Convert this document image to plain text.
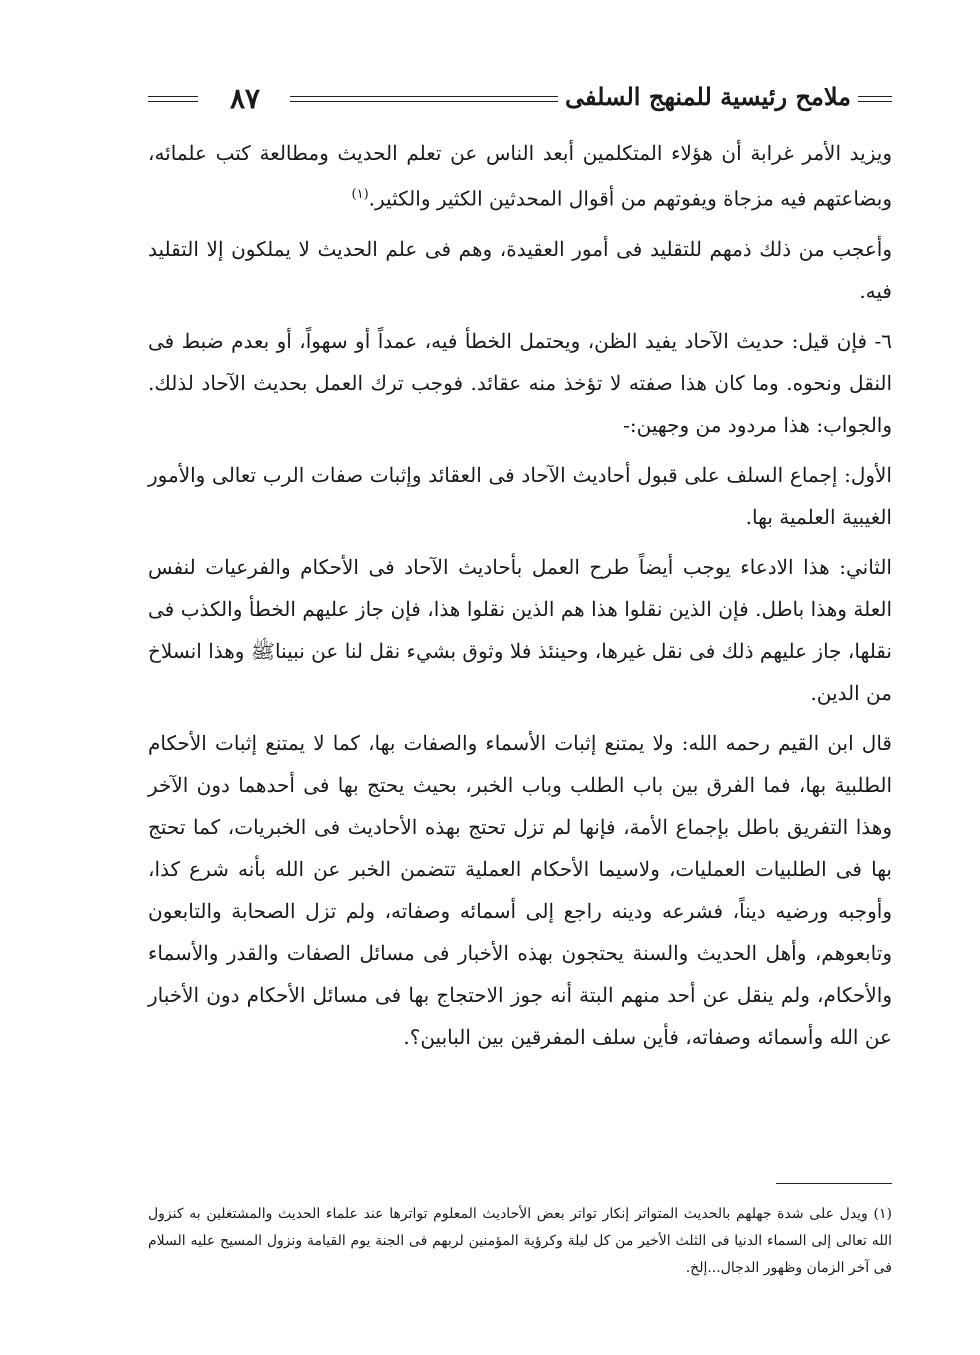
٨٧	ملامح رئيسية للمنهج السلفى

ويزيد الأمر غرابة أن هؤلاء المتكلمين أبعد الناس عن تعلم الحديث ومطالعة كتب علمائه، وبضاعتهم فيه مزجاة ويفوتهم من أقوال المحدثين الكثير والكثير.$^{(١)}$

وأعجب من ذلك ذمهم للتقليد فى أمور العقيدة، وهم فى علم الحديث لا يملكون إلا التقليد فيه.

٦- فإن قيل: حديث الآحاد يفيد الظن، ويحتمل الخطأ فيه، عمداً أو سهواً، أو بعدم ضبط فى النقل ونحوه. وما كان هذا صفته لا تؤخذ منه عقائد. فوجب ترك العمل بحديث الآحاد لذلك. والجواب: هذا مردود من وجهين:-

الأول: إجماع السلف على قبول أحاديث الآحاد فى العقائد وإثبات صفات الرب تعالى والأمور الغيبية العلمية بها.

الثاني: هذا الادعاء يوجب أيضاً طرح العمل بأحاديث الآحاد فى الأحكام والفرعيات لنفس العلة وهذا باطل. فإن الذين نقلوا هذا هم الذين نقلوا هذا، فإن جاز عليهم الخطأ والكذب فى نقلها، جاز عليهم ذلك فى نقل غيرها، وحينئذ فلا وثوق بشيء نقل لنا عن نبيناﷺ وهذا انسلاخ من الدين.

قال ابن القيم رحمه الله: ولا يمتنع إثبات الأسماء والصفات بها، كما لا يمتنع إثبات الأحكام الطلبية بها، فما الفرق بين باب الطلب وباب الخبر، بحيث يحتج بها فى أحدهما دون الآخر وهذا التفريق باطل بإجماع الأمة، فإنها لم تزل تحتج بهذه الأحاديث فى الخبريات، كما تحتج بها فى الطلبيات العمليات، ولاسيما الأحكام العملية تتضمن الخبر عن الله بأنه شرع كذا، وأوجبه ورضيه ديناً، فشرعه ودينه راجع إلى أسمائه وصفاته، ولم تزل الصحابة والتابعون وتابعوهم، وأهل الحديث والسنة يحتجون بهذه الأخبار فى مسائل الصفات والقدر والأسماء والأحكام، ولم ينقل عن أحد منهم البتة أنه جوز الاحتجاج بها فى مسائل الأحكام دون الأخبار عن الله وأسمائه وصفاته، فأين سلف المفرقين بين البابين؟.

(١) ويدل على شدة جهلهم بالحديث المتواتر إنكار تواتر بعض الأحاديث المعلوم تواترها عند علماء الحديث والمشتغلين به كنزول الله تعالى إلى السماء الدنيا فى الثلث الأخير من كل ليلة وكرؤية المؤمنين لربهم فى الجنة يوم القيامة ونزول المسيح عليه السلام فى آخر الزمان وظهور الدجال...إلخ.
